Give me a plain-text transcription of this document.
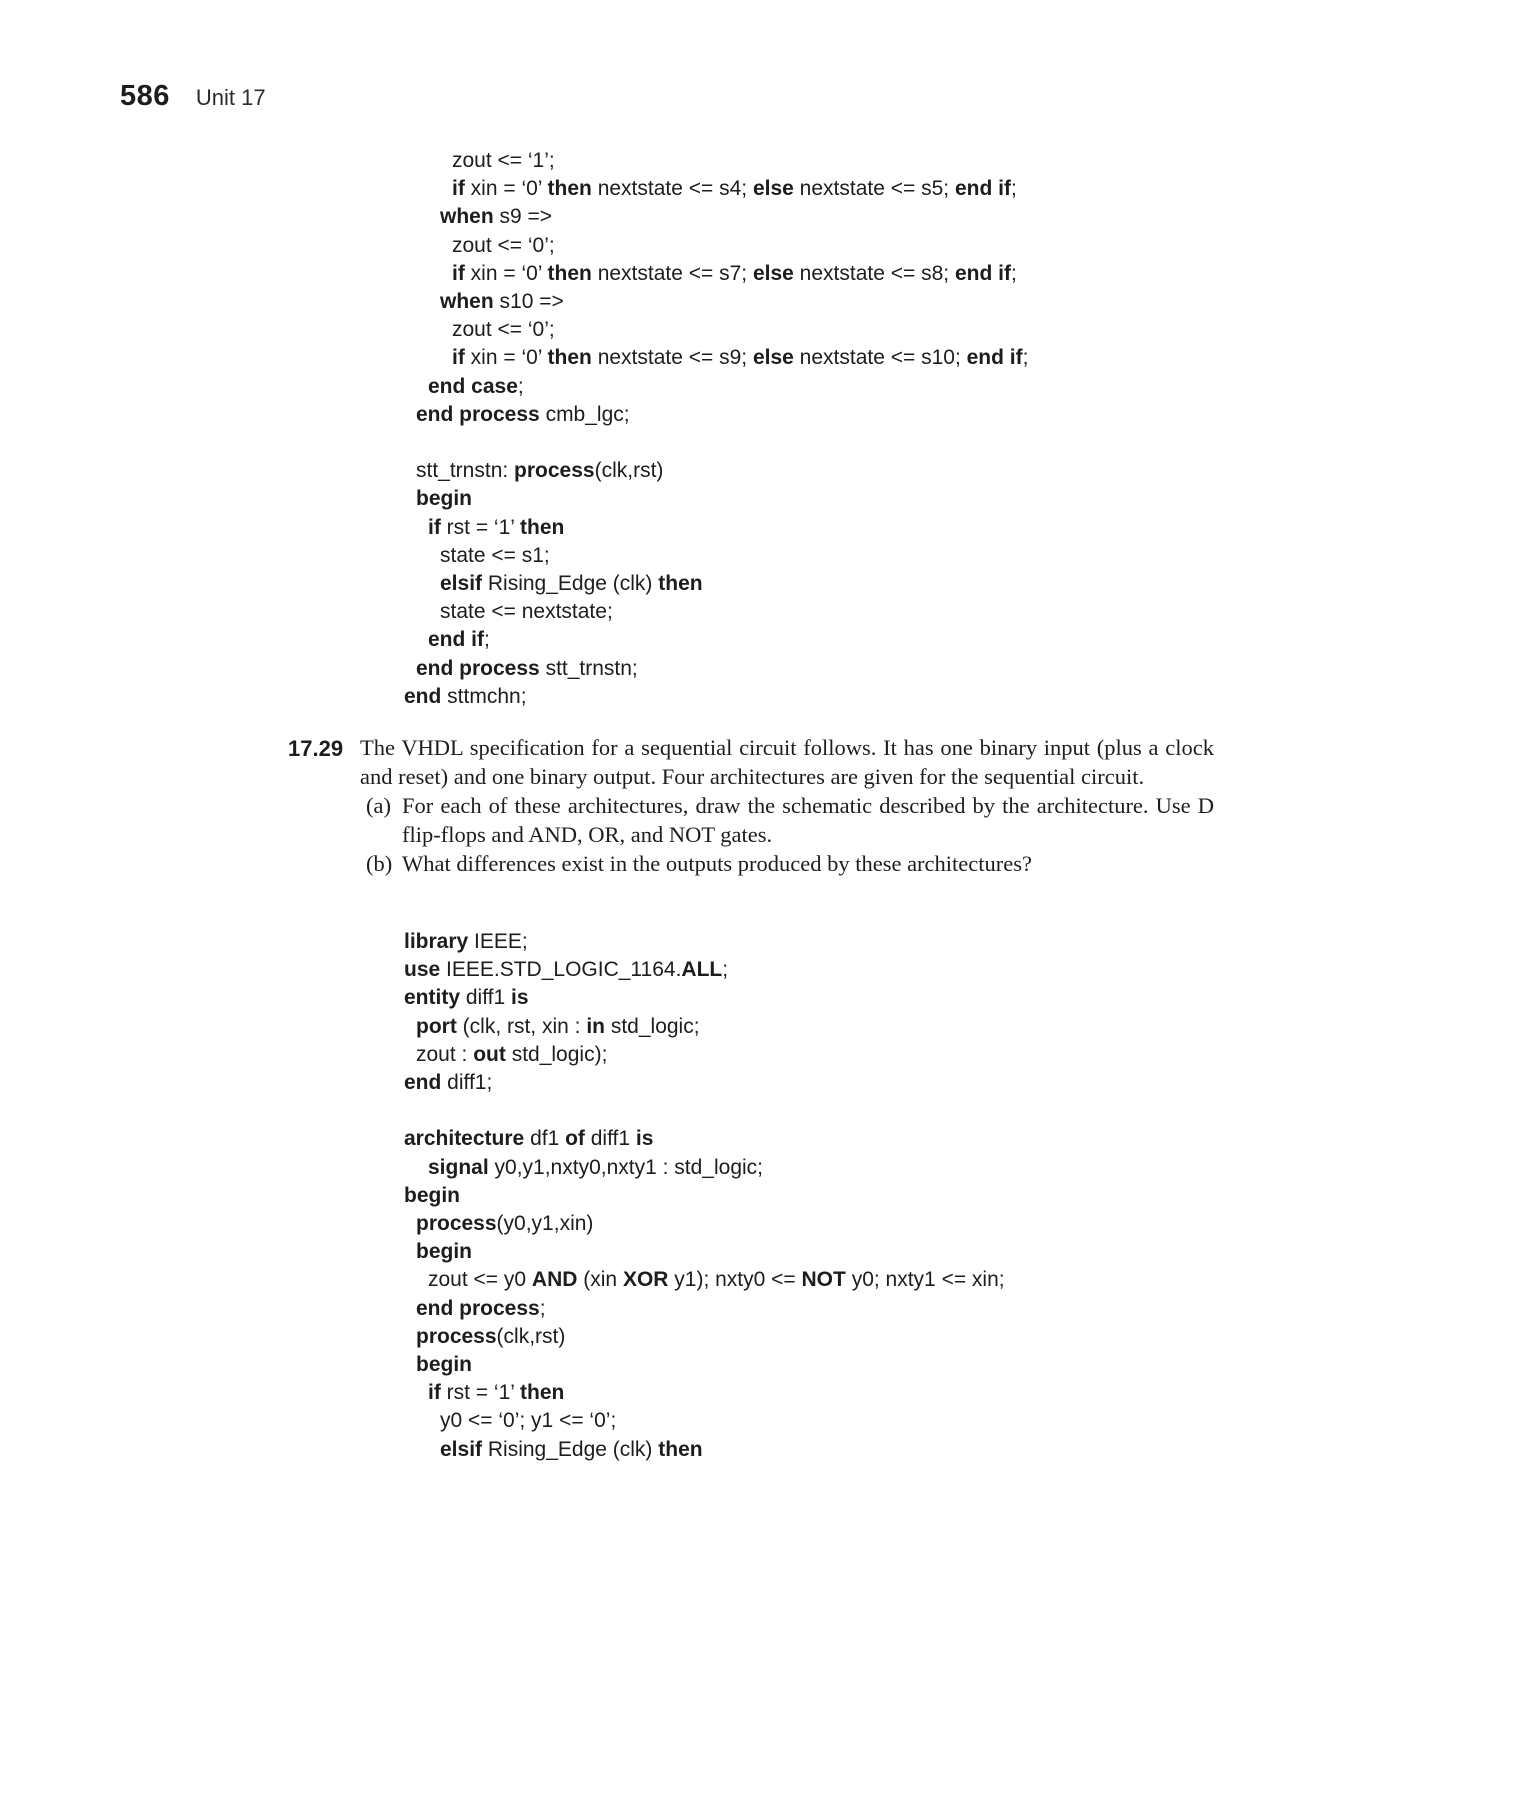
586 Unit 17
zout <= ‘1’;
if xin = ‘0’ then nextstate <= s4; else nextstate <= s5; end if;
when s9 =>
zout <= ‘0’;
if xin = ‘0’ then nextstate <= s7; else nextstate <= s8; end if;
when s10 =>
zout <= ‘0’;
if xin = ‘0’ then nextstate <= s9; else nextstate <= s10; end if;
end case;
end process cmb_lgc;

stt_trnstn: process(clk,rst)
begin
if rst = ‘1’ then
state <= s1;
elsif Rising_Edge (clk) then
state <= nextstate;
end if;
end process stt_trnstn;
end sttmchn;
17.29 The VHDL specification for a sequential circuit follows. It has one binary input (plus a clock and reset) and one binary output. Four architectures are given for the sequential circuit.

(a) For each of these architectures, draw the schematic described by the architecture. Use D flip-flops and AND, OR, and NOT gates.
(b) What differences exist in the outputs produced by these architectures?
library IEEE;
use IEEE.STD_LOGIC_1164.ALL;
entity diff1 is
port (clk, rst, xin : in std_logic;
zout : out std_logic);
end diff1;

architecture df1 of diff1 is
signal y0,y1,nxty0,nxty1 : std_logic;
begin
process(y0,y1,xin)
begin
zout <= y0 AND (xin XOR y1); nxty0 <= NOT y0; nxty1 <= xin;
end process;
process(clk,rst)
begin
if rst = ‘1’ then
y0 <= ‘0’; y1 <= ‘0’;
elsif Rising_Edge (clk) then
